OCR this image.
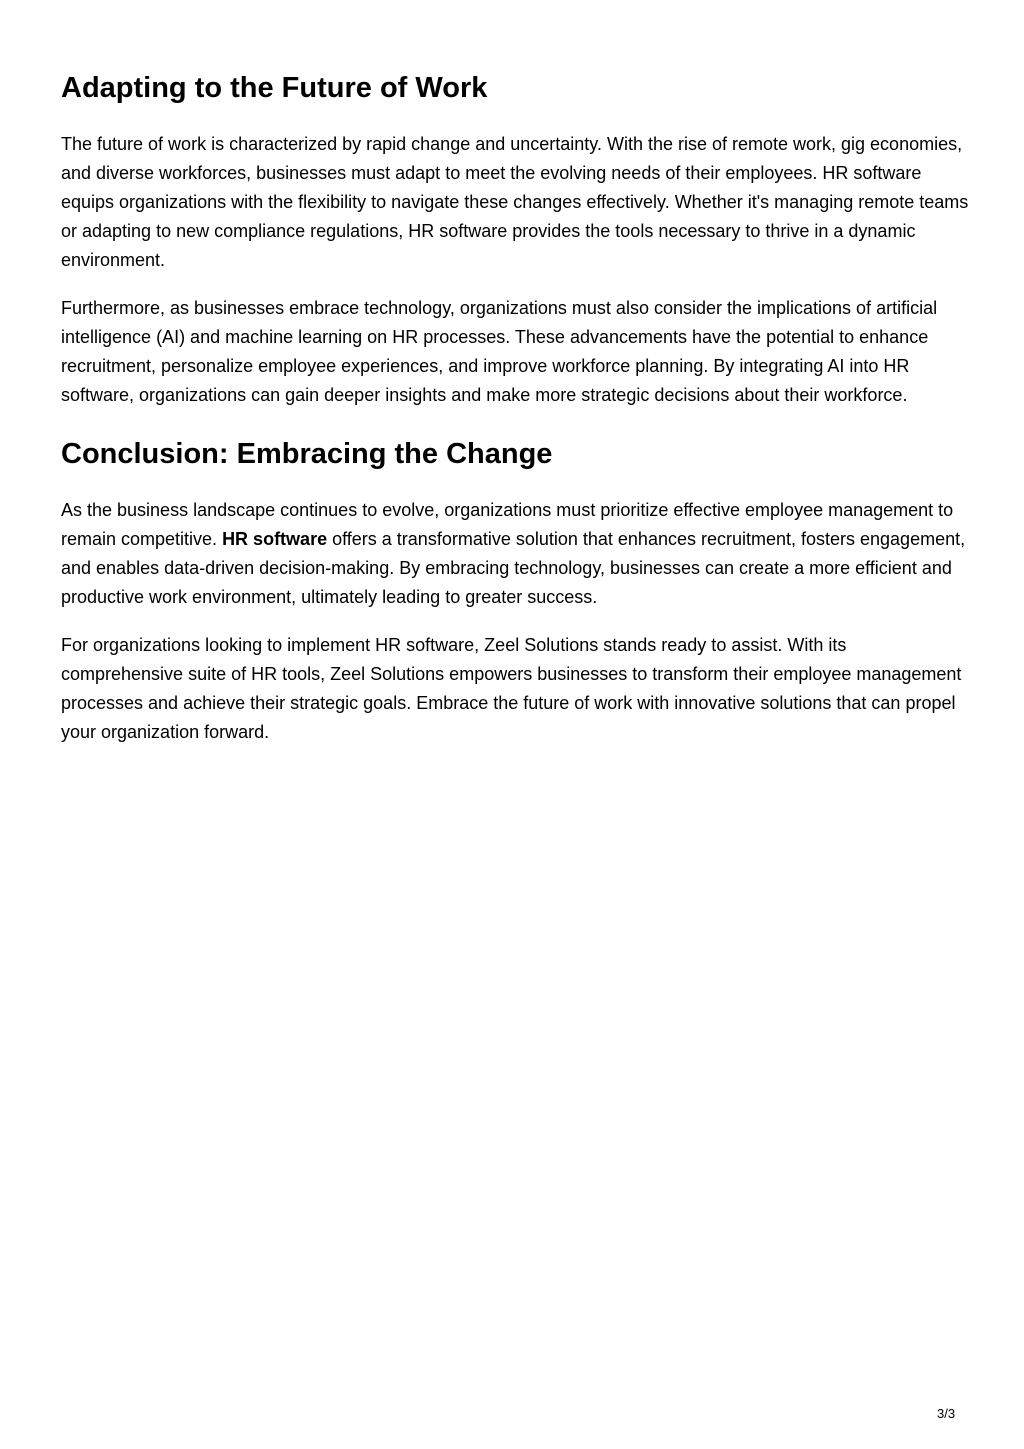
Adapting to the Future of Work

The future of work is characterized by rapid change and uncertainty. With the rise of remote work, gig economies, and diverse workforces, businesses must adapt to meet the evolving needs of their employees. HR software equips organizations with the flexibility to navigate these changes effectively. Whether it's managing remote teams or adapting to new compliance regulations, HR software provides the tools necessary to thrive in a dynamic environment.

Furthermore, as businesses embrace technology, organizations must also consider the implications of artificial intelligence (AI) and machine learning on HR processes. These advancements have the potential to enhance recruitment, personalize employee experiences, and improve workforce planning. By integrating AI into HR software, organizations can gain deeper insights and make more strategic decisions about their workforce.

Conclusion: Embracing the Change

As the business landscape continues to evolve, organizations must prioritize effective employee management to remain competitive. HR software offers a transformative solution that enhances recruitment, fosters engagement, and enables data-driven decision-making. By embracing technology, businesses can create a more efficient and productive work environment, ultimately leading to greater success.

For organizations looking to implement HR software, Zeel Solutions stands ready to assist. With its comprehensive suite of HR tools, Zeel Solutions empowers businesses to transform their employee management processes and achieve their strategic goals. Embrace the future of work with innovative solutions that can propel your organization forward.

3/3
